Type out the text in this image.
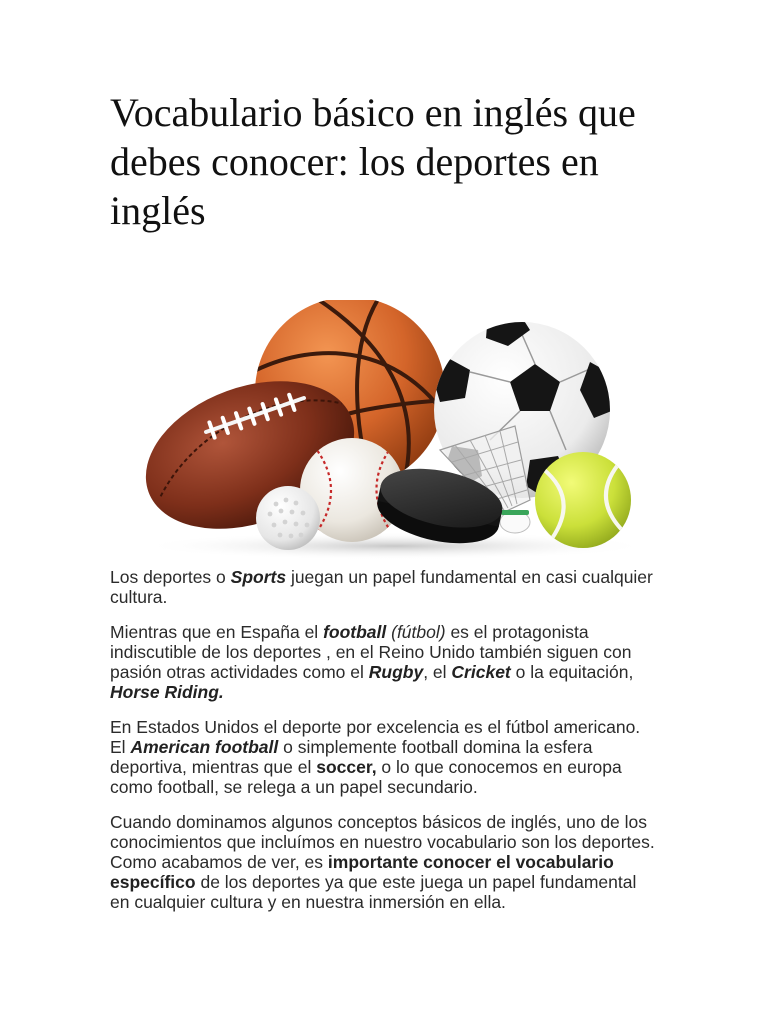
Vocabulario básico en inglés que debes conocer: los deportes en inglés

Los deportes o Sports juegan un papel fundamental en casi cualquier cultura.

Mientras que en España el football (fútbol) es el protagonista indiscutible de los deportes , en el Reino Unido también siguen con pasión otras actividades como el Rugby, el Cricket o la equitación, Horse Riding.

En Estados Unidos el deporte por excelencia es el fútbol americano. El American football o simplemente football domina la esfera deportiva, mientras que el soccer, o lo que conocemos en europa como football, se relega a un papel secundario.

Cuando dominamos algunos conceptos básicos de inglés, uno de los conocimientos que incluímos en nuestro vocabulario son los deportes. Como acabamos de ver, es importante conocer el vocabulario específico de los deportes ya que este juega un papel fundamental en cualquier cultura y en nuestra inmersión en ella.
